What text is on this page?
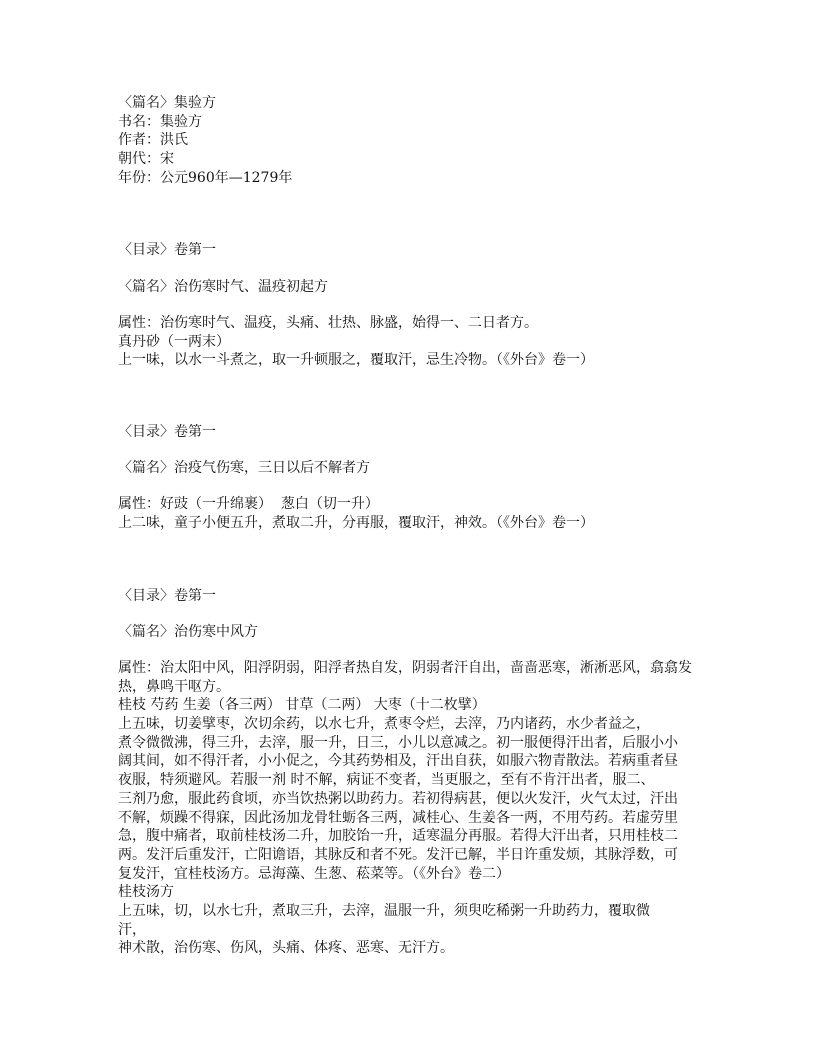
〈篇名〉集验方
书名：集验方
作者：洪氏
朝代：宋
年份：公元960年—1279年
〈目录〉卷第一
〈篇名〉治伤寒时气、温疫初起方
属性：治伤寒时气、温疫，头痛、壮热、脉盛，始得一、二日者方。
真丹砂（一两末）
上一味，以水一斗煮之，取一升顿服之，覆取汗，忌生冷物。（《外台》卷一）
〈目录〉卷第一
〈篇名〉治疫气伤寒，三日以后不解者方
属性：好豉（一升绵裹）  葱白（切一升）
上二味，童子小便五升，煮取二升，分再服，覆取汗，神效。（《外台》卷一）
〈目录〉卷第一
〈篇名〉治伤寒中风方
属性：治太阳中风，阳浮阴弱，阳浮者热自发，阴弱者汗自出，啬啬恶寒，淅淅恶风，翕翕发
热，鼻鸣干呕方。
桂枝 芍药 生姜（各三两） 甘草（二两） 大枣（十二枚擘）
上五味，切姜擘枣，次切余药，以水七升，煮枣令烂，去滓，乃内诸药，水少者益之，
煮令微微沸，得三升，去滓，服一升，日三，小儿以意减之。初一服便得汗出者，后服小小
阔其间，如不得汗者，小小促之，今其药势相及，汗出自获，如服六物青散法。若病重者昼
夜服，特须避风。若服一剂 时不解，病证不变者，当更服之，至有不肯汗出者，服二、
三剂乃愈，服此药食顷，亦当饮热粥以助药力。若初得病甚，便以火发汗，火气太过，汗出
不解，烦躁不得寐，因此汤加龙骨牡蛎各三两，减桂心、生姜各一两，不用芍药。若虚劳里
急，腹中痛者，取前桂枝汤二升，加胶饴一升，适寒温分再服。若得大汗出者，只用桂枝二
两。发汗后重发汗，亡阳谵语，其脉反和者不死。发汗已解，半日许重发烦，其脉浮数，可
复发汗，宜桂枝汤方。忌海藻、生葱、菘菜等。（《外台》卷二）
桂枝汤方
上五味，切，以水七升，煮取三升，去滓，温服一升，须臾吃稀粥一升助药力，覆取微
汗，
神术散，治伤寒、伤风，头痛、体疼、恶寒、无汗方。
